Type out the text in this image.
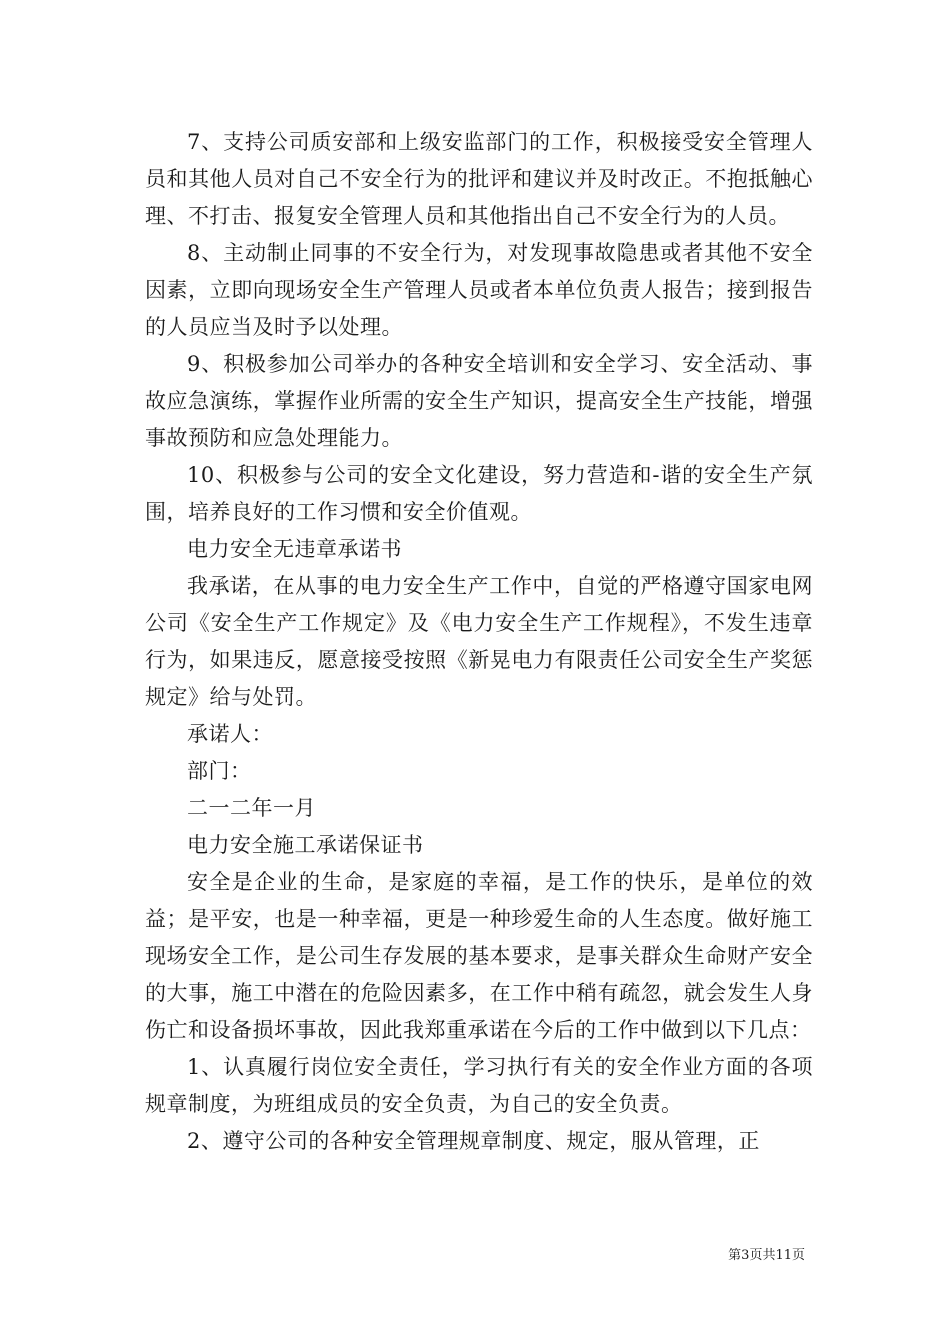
7、支持公司质安部和上级安监部门的工作，积极接受安全管理人员和其他人员对自己不安全行为的批评和建议并及时改正。不抱抵触心理、不打击、报复安全管理人员和其他指出自己不安全行为的人员。

8、主动制止同事的不安全行为，对发现事故隐患或者其他不安全因素，立即向现场安全生产管理人员或者本单位负责人报告；接到报告的人员应当及时予以处理。

9、积极参加公司举办的各种安全培训和安全学习、安全活动、事故应急演练，掌握作业所需的安全生产知识，提高安全生产技能，增强事故预防和应急处理能力。

10、积极参与公司的安全文化建设，努力营造和-谐的安全生产氛围，培养良好的工作习惯和安全价值观。

电力安全无违章承诺书

我承诺，在从事的电力安全生产工作中，自觉的严格遵守国家电网公司《安全生产工作规定》及《电力安全生产工作规程》，不发生违章行为，如果违反，愿意接受按照《新晃电力有限责任公司安全生产奖惩规定》给与处罚。

承诺人：

部门：

二一二年一月

电力安全施工承诺保证书

安全是企业的生命，是家庭的幸福，是工作的快乐，是单位的效益；是平安，也是一种幸福，更是一种珍爱生命的人生态度。做好施工现场安全工作，是公司生存发展的基本要求，是事关群众生命财产安全的大事，施工中潜在的危险因素多，在工作中稍有疏忽，就会发生人身伤亡和设备损坏事故，因此我郑重承诺在今后的工作中做到以下几点：

1、认真履行岗位安全责任，学习执行有关的安全作业方面的各项规章制度，为班组成员的安全负责，为自己的安全负责。

2、遵守公司的各种安全管理规章制度、规定，服从管理，正

第3页共11页
